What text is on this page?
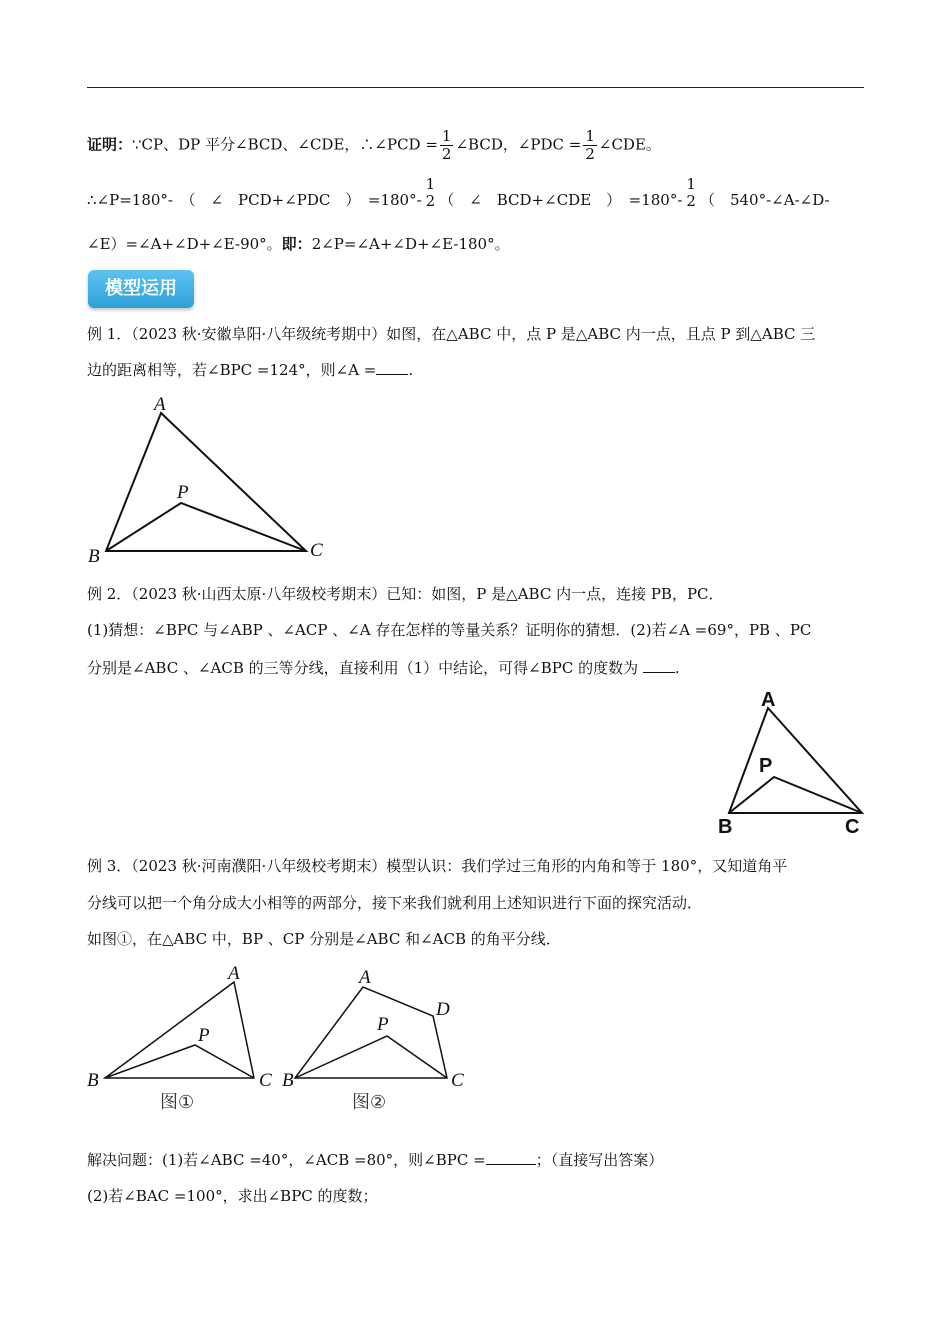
证明：∵CP、DP 平分∠BCD、∠CDE，∴∠PCD = $\frac{1}{2}$ ∠BCD，∠PDC = $\frac{1}{2}$ ∠CDE。
∴∠P=180°-　（　∠　PCD+∠PDC　）　=180°-
1
2 （　∠　BCD+∠CDE　）　=180°-
1
2 （　540°-∠A-∠D-
∠E）=∠A+∠D+∠E-90°。即：2∠P=∠A+∠D+∠E-180°。
模型运用
例 1．（2023 秋·安徽阜阳·八年级统考期中）如图，在△ABC 中，点 P 是△ABC 内一点，且点 P 到△ABC 三
边的距离相等，若∠BPC =124°，则∠A = .
A
P
B	C
例 2．（2023 秋·山西太原·八年级校考期末）已知：如图，P 是△ABC 内一点，连接 PB，PC．
(1)猜想：∠BPC 与∠ABP 、∠ACP 、∠A 存在怎样的等量关系？证明你的猜想．(2)若∠A =69°，PB 、PC
分别是∠ABC 、∠ACB 的三等分线，直接利用（1）中结论，可得∠BPC 的度数为 .
A
P
B	C
例 3．（2023 秋·河南濮阳·八年级校考期末）模型认识：我们学过三角形的内角和等于 180°，又知道角平
分线可以把一个角分成大小相等的两部分，接下来我们就利用上述知识进行下面的探究活动．
如图①，在△ABC 中，BP 、CP 分别是∠ABC 和∠ACB 的角平分线．
A
P
B	C
图①
A
D
P
B	C
图②
解决问题：(1)若∠ABC =40°，∠ACB =80°，则∠BPC =	；（直接写出答案）
(2)若∠BAC =100°，求出∠BPC 的度数；
